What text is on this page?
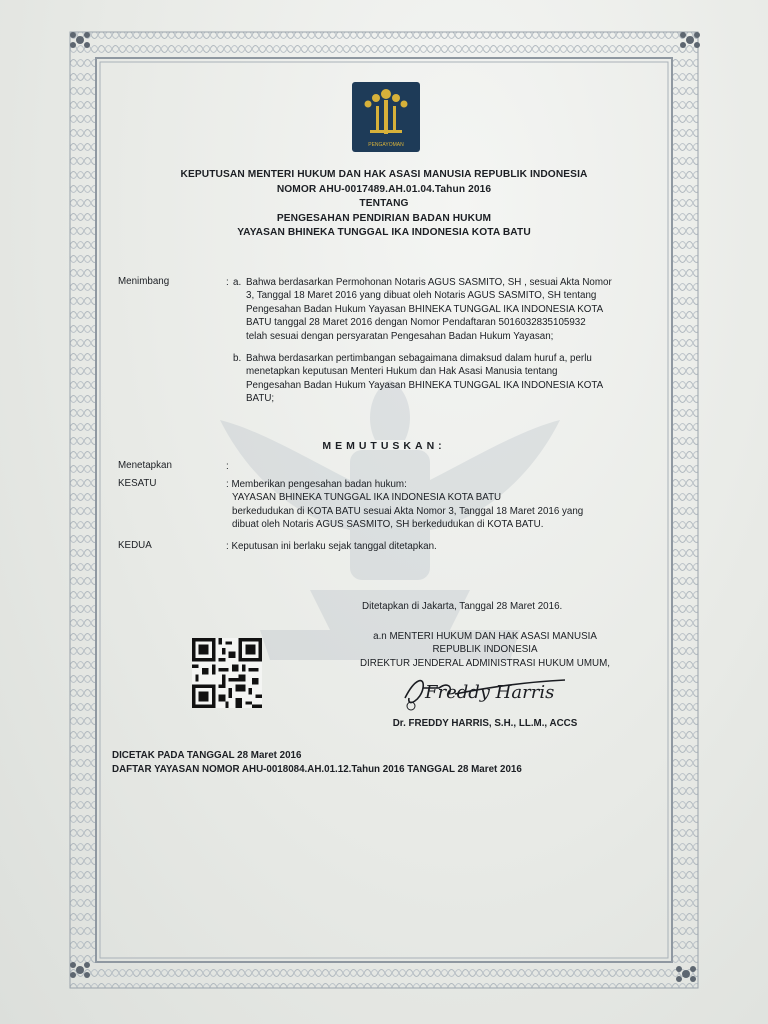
PENGAYOMAN
KEPUTUSAN MENTERI HUKUM DAN HAK ASASI MANUSIA REPUBLIK INDONESIA
NOMOR AHU-0017489.AH.01.04.Tahun 2016
TENTANG
PENGESAHAN PENDIRIAN BADAN HUKUM
YAYASAN BHINEKA TUNGGAL IKA INDONESIA KOTA BATU
Menimbang	: a. Bahwa berdasarkan Permohonan Notaris AGUS SASMITO, SH , sesuai Akta Nomor
3, Tanggal 18 Maret 2016 yang dibuat oleh Notaris AGUS SASMITO, SH tentang
Pengesahan Badan Hukum Yayasan BHINEKA TUNGGAL IKA INDONESIA KOTA
BATU tanggal 28 Maret 2016 dengan Nomor Pendaftaran 5016032835105932
telah sesuai dengan persyaratan Pengesahan Badan Hukum Yayasan;
b. Bahwa berdasarkan pertimbangan sebagaimana dimaksud dalam huruf a, perlu
menetapkan keputusan Menteri Hukum dan Hak Asasi Manusia tentang
Pengesahan Badan Hukum Yayasan BHINEKA TUNGGAL IKA INDONESIA KOTA
BATU;
MEMUTUSKAN:
Menetapkan	:
KESATU	: Memberikan pengesahan badan hukum:
YAYASAN BHINEKA TUNGGAL IKA INDONESIA KOTA BATU
berkedudukan di KOTA BATU sesuai Akta Nomor 3, Tanggal 18 Maret 2016 yang
dibuat oleh Notaris AGUS SASMITO, SH berkedudukan di KOTA BATU.
KEDUA	: Keputusan ini berlaku sejak tanggal ditetapkan.
Ditetapkan di Jakarta, Tanggal 28 Maret 2016.
a.n MENTERI HUKUM DAN HAK ASASI MANUSIA
REPUBLIK INDONESIA
DIREKTUR JENDERAL ADMINISTRASI HUKUM UMUM,
Freddy Harris
Dr. FREDDY HARRIS, S.H., LL.M., ACCS
DICETAK PADA TANGGAL 28 Maret 2016
DAFTAR YAYASAN NOMOR AHU-0018084.AH.01.12.Tahun 2016 TANGGAL 28 Maret 2016
